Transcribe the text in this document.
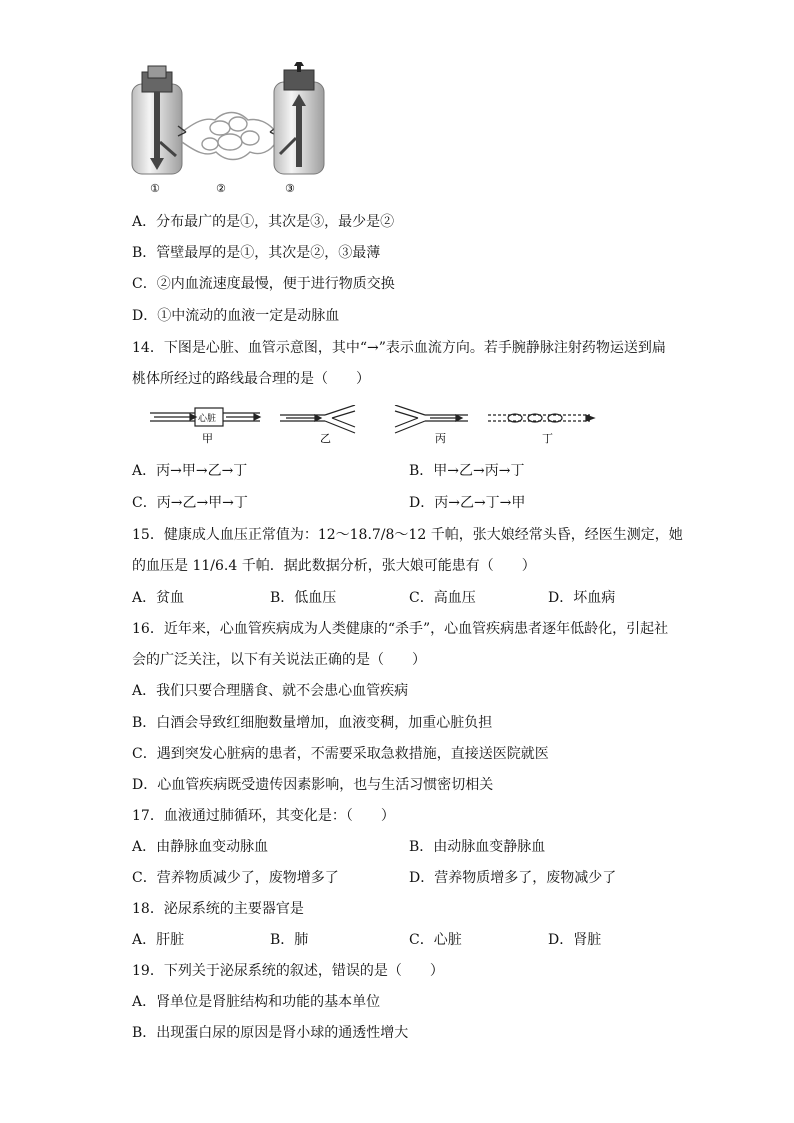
①	②	③
A．分布最广的是①，其次是③，最少是②
B．管壁最厚的是①，其次是②，③最薄
C．②内血流速度最慢，便于进行物质交换
D．①中流动的血液一定是动脉血
14．下图是心脏、血管示意图，其中“→”表示血流方向。若手腕静脉注射药物运送到扁
桃体所经过的路线最合理的是（　　）
心脏
甲	乙	丙	丁
A．丙→甲→乙→丁	B．甲→乙→丙→丁
C．丙→乙→甲→丁	D．丙→乙→丁→甲
15．健康成人血压正常值为：12～18.7/8～12 千帕，张大娘经常头昏，经医生测定，她
的血压是 11/6.4 千帕．据此数据分析，张大娘可能患有（　　）
A．贫血	B．低血压	C．高血压	D．坏血病
16．近年来，心血管疾病成为人类健康的“杀手”，心血管疾病患者逐年低龄化，引起社
会的广泛关注，以下有关说法正确的是（　　）
A．我们只要合理膳食、就不会患心血管疾病
B．白酒会导致红细胞数量增加，血液变稠，加重心脏负担
C．遇到突发心脏病的患者，不需要采取急救措施，直接送医院就医
D．心血管疾病既受遗传因素影响，也与生活习惯密切相关
17．血液通过肺循环，其变化是：（　　）
A．由静脉血变动脉血	B．由动脉血变静脉血
C．营养物质减少了，废物增多了	D．营养物质增多了，废物减少了
18．泌尿系统的主要器官是
A．肝脏	B．肺	C．心脏	D．肾脏
19．下列关于泌尿系统的叙述，错误的是（　　）
A．肾单位是肾脏结构和功能的基本单位
B．出现蛋白尿的原因是肾小球的通透性增大
